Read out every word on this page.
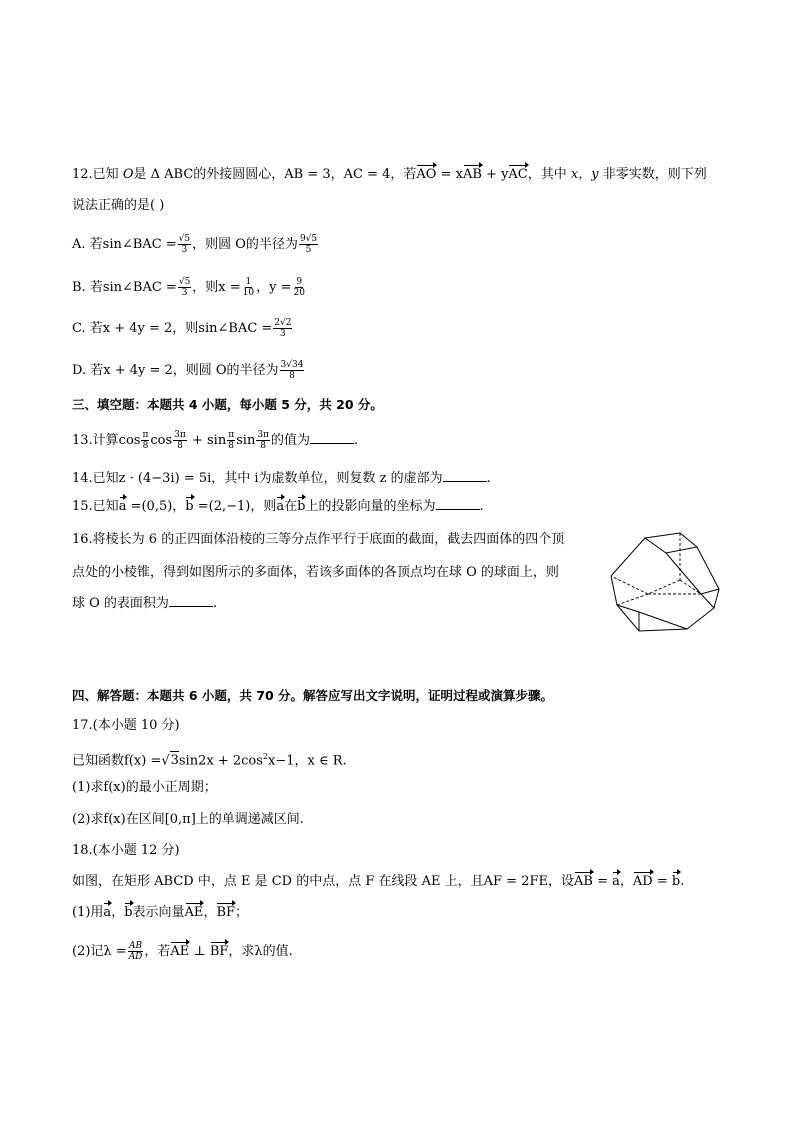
12.已知 O是 Δ ABC的外接圆圆心，AB = 3，AC = 4，若AO = xAB + yAC，其中 x，y 非零实数，则下列
说法正确的是( )
A. 若sin∠BAC = $\frac{√5}{3}$ ，则圆 O的半径为 $\frac{9√5}{5}$
B. 若sin∠BAC = $\frac{√5}{3}$ ，则$x = \frac{1}{10}$ ，$y = \frac{9}{20}$
C. 若x + 4y = 2，则sin∠BAC = $\frac{2√2}{3}$
D. 若x + 4y = 2，则圆 O的半径为 $\frac{3√34}{8}$
三、填空题：本题共 4 小题，每小题 5 分，共 20 分。
13.计算$\cos \frac{\pi}{8}$ $\cos \frac{3\pi}{8} + \sin \frac{\pi}{8}$ $\sin \frac{3\pi}{8}$ 的值为	.
14.已知z · (4−3i) = 5i，其中 i为虚数单位，则复数 z 的虚部为	.
15.已知a =(0,5)，b =(2,−1)，则a在b上的投影向量的坐标为	.
16.将棱长为 6 的正四面体沿棱的三等分点作平行于底面的截面，截去四面体的四个顶
点处的小棱锥，得到如图所示的多面体，若该多面体的各顶点均在球 O 的球面上，则
球 O 的表面积为	.
四、解答题：本题共 6 小题，共 70 分。解答应写出文字说明，证明过程或演算步骤。
17.(本小题 10 分)
已知函数$f(x) =√3\sin 2x + 2\cos^2x-1$，x ∈ R.
(1)求f(x)的最小正周期；
(2)求f(x)在区间[0,π]上的单调递减区间.
18.(本小题 12 分)
如图，在矩形 ABCD 中，点 E 是 CD 的中点，点 F 在线段 AE 上，且AF = 2FE，设AB = a，AD = b.
(1)用a，b表示向量AE，BF；
(2)记$\lambda = \frac{AB}{AD}$ ，若AE ⊥ BF，求λ的值.
